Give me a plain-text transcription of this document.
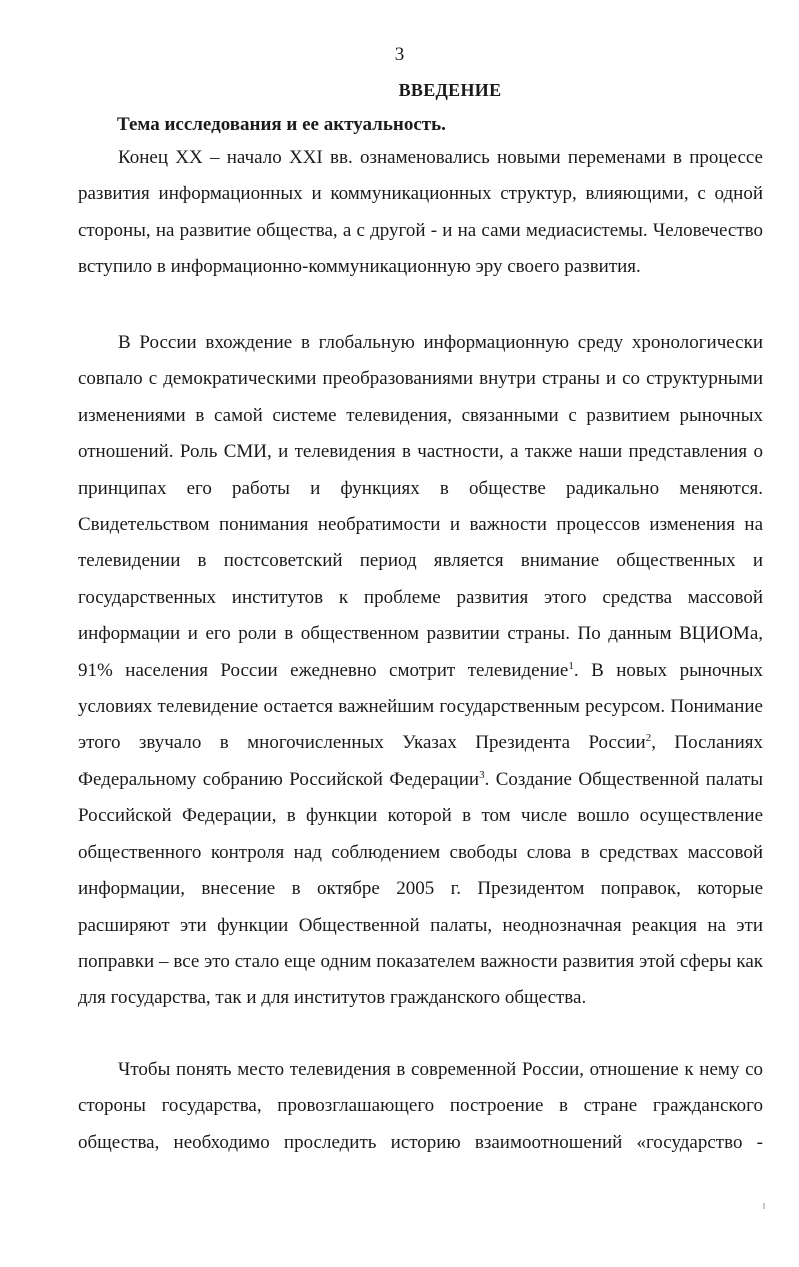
3
ВВЕДЕНИЕ
Тема исследования и ее актуальность.
Конец XX – начало XXI вв. ознаменовались новыми переменами в процессе развития информационных и коммуникационных структур, влияющими, с одной стороны, на развитие общества, а с другой - и на сами медиасистемы. Человечество вступило в информационно-коммуникационную эру своего развития.
В России вхождение в глобальную информационную среду хронологически совпало с демократическими преобразованиями внутри страны и со структурными изменениями в самой системе телевидения, связанными с развитием рыночных отношений. Роль СМИ, и телевидения в частности, а также наши представления о принципах его работы и функциях в обществе радикально меняются. Свидетельством понимания необратимости и важности процессов изменения на телевидении в постсоветский период является внимание общественных и государственных институтов к проблеме развития этого средства массовой информации и его роли в общественном развитии страны. По данным ВЦИОМа, 91% населения России ежедневно смотрит телевидение$^1$. В новых рыночных условиях телевидение остается важнейшим государственным ресурсом. Понимание этого звучало в многочисленных Указах Президента России$^2$, Посланиях Федеральному собранию Российской Федерации$^3$. Создание Общественной палаты Российской Федерации, в функции которой в том числе вошло осуществление общественного контроля над соблюдением свободы слова в средствах массовой информации, внесение в октябре 2005 г. Президентом поправок, которые расширяют эти функции Общественной палаты, неоднозначная реакция на эти поправки – все это стало еще одним показателем важности развития этой сферы как для государства, так и для институтов гражданского общества.
Чтобы понять место телевидения в современной России, отношение к нему со стороны государства, провозглашающего построение в стране гражданского общества, необходимо проследить историю взаимоотношений «государство -
